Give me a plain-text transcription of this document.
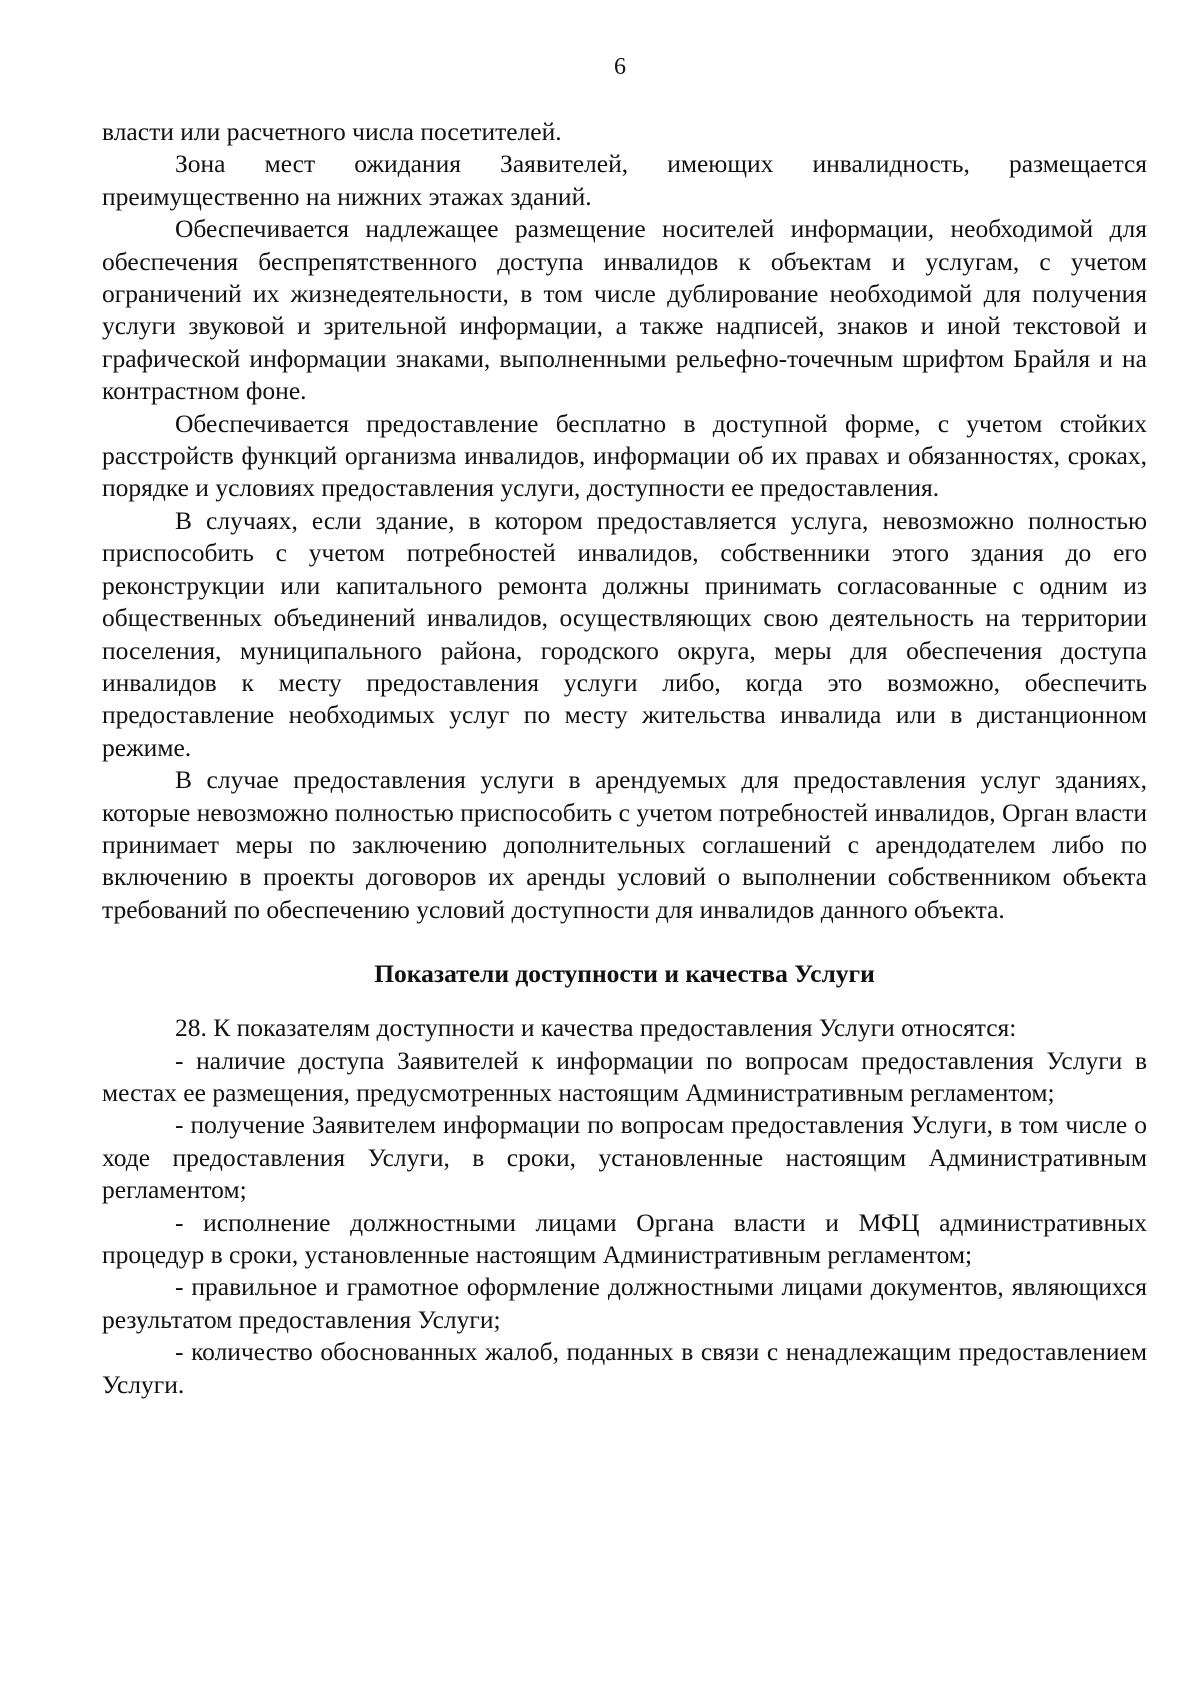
6

власти или расчетного числа посетителей.

Зона мест ожидания Заявителей, имеющих инвалидность, размещается преимущественно на нижних этажах зданий.

Обеспечивается надлежащее размещение носителей информации, необходимой для обеспечения беспрепятственного доступа инвалидов к объектам и услугам, с учетом ограничений их жизнедеятельности, в том числе дублирование необходимой для получения услуги звуковой и зрительной информации, а также надписей, знаков и иной текстовой и графической информации знаками, выполненными рельефно-точечным шрифтом Брайля и на контрастном фоне.

Обеспечивается предоставление бесплатно в доступной форме, с учетом стойких расстройств функций организма инвалидов, информации об их правах и обязанностях, сроках, порядке и условиях предоставления услуги, доступности ее предоставления.

В случаях, если здание, в котором предоставляется услуга, невозможно полностью приспособить с учетом потребностей инвалидов, собственники этого здания до его реконструкции или капитального ремонта должны принимать согласованные с одним из общественных объединений инвалидов, осуществляющих свою деятельность на территории поселения, муниципального района, городского округа, меры для обеспечения доступа инвалидов к месту предоставления услуги либо, когда это возможно, обеспечить предоставление необходимых услуг по месту жительства инвалида или в дистанционном режиме.

В случае предоставления услуги в арендуемых для предоставления услуг зданиях, которые невозможно полностью приспособить с учетом потребностей инвалидов, Орган власти принимает меры по заключению дополнительных соглашений с арендодателем либо по включению в проекты договоров их аренды условий о выполнении собственником объекта требований по обеспечению условий доступности для инвалидов данного объекта.

Показатели доступности и качества Услуги

28. К показателям доступности и качества предоставления Услуги относятся:

- наличие доступа Заявителей к информации по вопросам предоставления Услуги в местах ее размещения, предусмотренных настоящим Административным регламентом;

- получение Заявителем информации по вопросам предоставления Услуги, в том числе о ходе предоставления Услуги, в сроки, установленные настоящим Административным регламентом;

- исполнение должностными лицами Органа власти и МФЦ административных процедур в сроки, установленные настоящим Административным регламентом;

- правильное и грамотное оформление должностными лицами документов, являющихся результатом предоставления Услуги;

- количество обоснованных жалоб, поданных в связи с ненадлежащим предоставлением Услуги.
